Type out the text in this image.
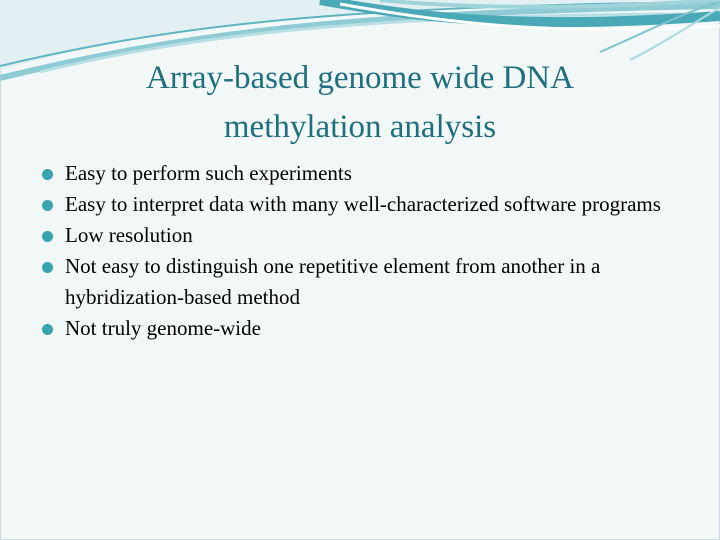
Array-based genome wide DNA
methylation analysis
Easy to perform such experiments
Easy to interpret data with many well-characterized software programs
Low resolution
Not easy to distinguish one repetitive element from another in a hybridization-based method
Not truly genome-wide
